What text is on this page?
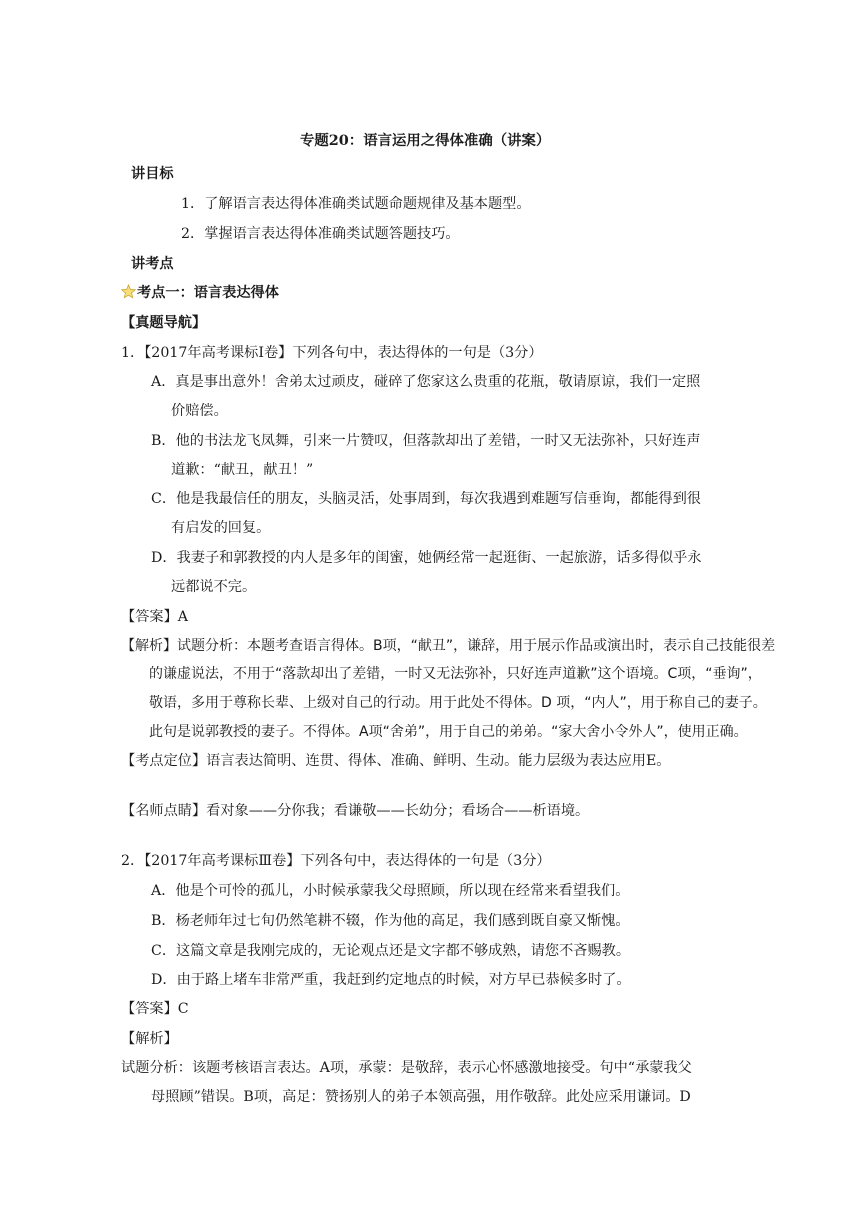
专题20：语言运用之得体准确（讲案）
讲目标
1．了解语言表达得体准确类试题命题规律及基本题型。
2．掌握语言表达得体准确类试题答题技巧。
讲考点
考点一：语言表达得体
【真题导航】
1．【2017年高考课标Ⅰ卷】下列各句中，表达得体的一句是（3分）
A．真是事出意外！舍弟太过顽皮，碰碎了您家这么贵重的花瓶，敬请原谅，我们一定照
价赔偿。
B．他的书法龙飞凤舞，引来一片赞叹，但落款却出了差错，一时又无法弥补，只好连声
道歉：“献丑，献丑！”
C．他是我最信任的朋友，头脑灵活，处事周到，每次我遇到难题写信垂询，都能得到很
有启发的回复。
D．我妻子和郭教授的内人是多年的闺蜜，她俩经常一起逛街、一起旅游，话多得似乎永
远都说不完。
【答案】A
【解析】试题分析：本题考查语言得体。B项，“献丑”，谦辞，用于展示作品或演出时，表示自己技能很差
的谦虚说法，不用于“落款却出了差错，一时又无法弥补，只好连声道歉”这个语境。C项，“垂询”，
敬语，多用于尊称长辈、上级对自己的行动。用于此处不得体。D 项，“内人”，用于称自己的妻子。
此句是说郭教授的妻子。不得体。A项“舍弟”，用于自己的弟弟。“家大舍小令外人”，使用正确。
【考点定位】语言表达简明、连贯、得体、准确、鲜明、生动。能力层级为表达应用E。
【名师点睛】看对象——分你我；看谦敬——长幼分；看场合——析语境。
2．【2017年高考课标Ⅲ卷】下列各句中，表达得体的一句是（3分）
A．他是个可怜的孤儿，小时候承蒙我父母照顾，所以现在经常来看望我们。
B．杨老师年过七旬仍然笔耕不辍，作为他的高足，我们感到既自豪又惭愧。
C．这篇文章是我刚完成的，无论观点还是文字都不够成熟，请您不吝赐教。
D．由于路上堵车非常严重，我赶到约定地点的时候，对方早已恭候多时了。
【答案】C
【解析】
试题分析：该题考核语言表达。A项，承蒙：是敬辞，表示心怀感激地接受。句中“承蒙我父
母照顾”错误。B项，高足：赞扬别人的弟子本领高强，用作敬辞。此处应采用谦词。D
